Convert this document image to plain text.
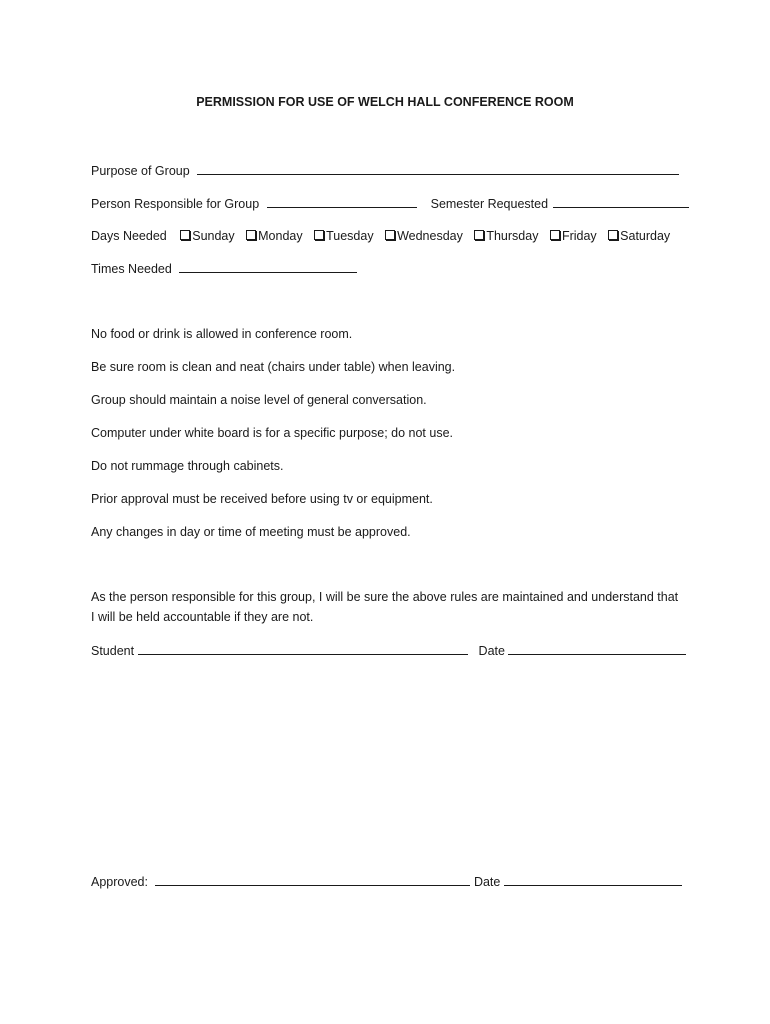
PERMISSION FOR USE OF WELCH HALL CONFERENCE ROOM
Purpose of Group
Person Responsible for Group	Semester Requested
Days Needed Sunday Monday Tuesday Wednesday Thursday Friday Saturday
Times Needed
No food or drink is allowed in conference room.
Be sure room is clean and neat (chairs under table) when leaving.
Group should maintain a noise level of general conversation.
Computer under white board is for a specific purpose; do not use.
Do not rummage through cabinets.
Prior approval must be received before using tv or equipment.
Any changes in day or time of meeting must be approved.
As the person responsible for this group, I will be sure the above rules are maintained and understand that I will be held accountable if they are not.
Student	Date
Approved:	Date
